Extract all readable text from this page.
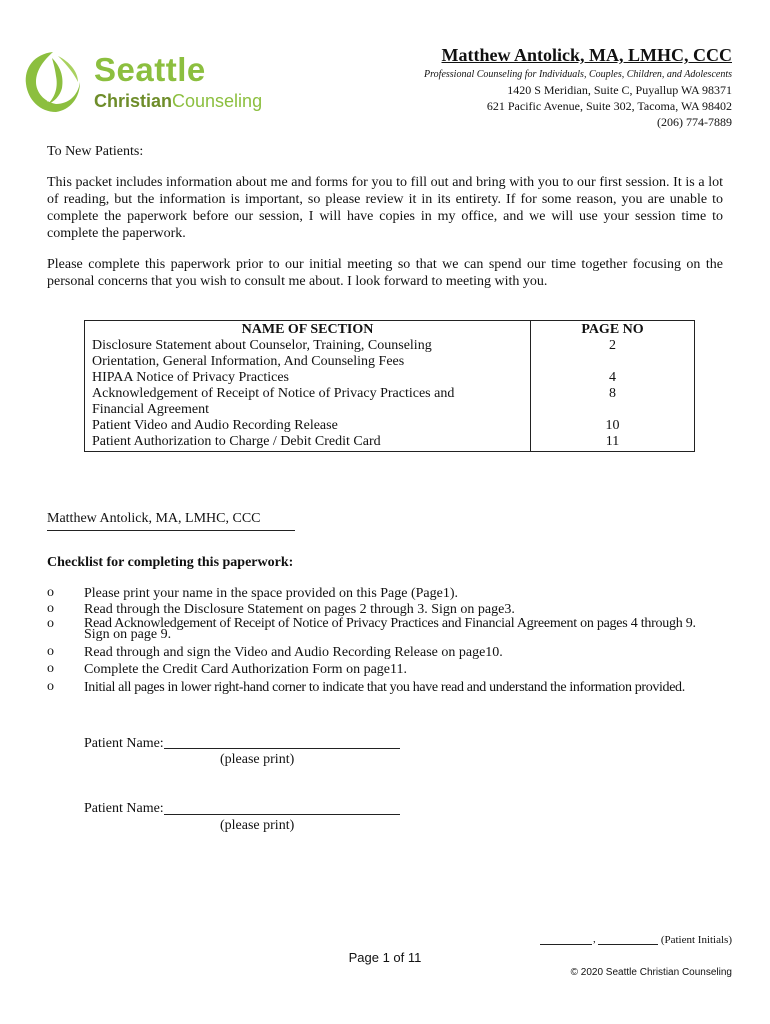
Seattle
ChristianCounseling
Matthew Antolick, MA, LMHC, CCC
Professional Counseling for Individuals, Couples, Children, and Adolescents
1420 S Meridian, Suite C, Puyallup WA 98371
621 Pacific Avenue, Suite 302, Tacoma, WA 98402
(206) 774-7889
To New Patients:
This packet includes information about me and forms for you to fill out and bring with you to our first session. It is a lot of reading, but the information is important, so please review it in its entirety. If for some reason, you are unable to complete the paperwork before our session, I will have copies in my office, and we will use your session time to complete the paperwork.
Please complete this paperwork prior to our initial meeting so that we can spend our time together focusing on the personal concerns that you wish to consult me about. I look forward to meeting with you.
NAME OF SECTION
Disclosure Statement about Counselor, Training, Counseling
Orientation, General Information, And Counseling Fees
HIPAA Notice of Privacy Practices
Acknowledgement of Receipt of Notice of Privacy Practices and
Financial Agreement
Patient Video and Audio Recording Release
Patient Authorization to Charge / Debit Credit Card
PAGE NO
2
4
8
10
11
Matthew Antolick, MA, LMHC, CCC
Checklist for completing this paperwork:
o Please print your name in the space provided on this Page (Page1).
o Read through the Disclosure Statement on pages 2 through 3. Sign on page3.
o Read Acknowledgement of Receipt of Notice of Privacy Practices and Financial Agreement on pages 4 through 9.
Sign on page 9.
o Read through and sign the Video and Audio Recording Release on page10.
o Complete the Credit Card Authorization Form on page11.
o Initial all pages in lower right-hand corner to indicate that you have read and understand the information provided.
Patient Name:
(please print)
Patient Name:
(please print)
,	(Patient Initials)
Page 1 of 11
© 2020 Seattle Christian Counseling
